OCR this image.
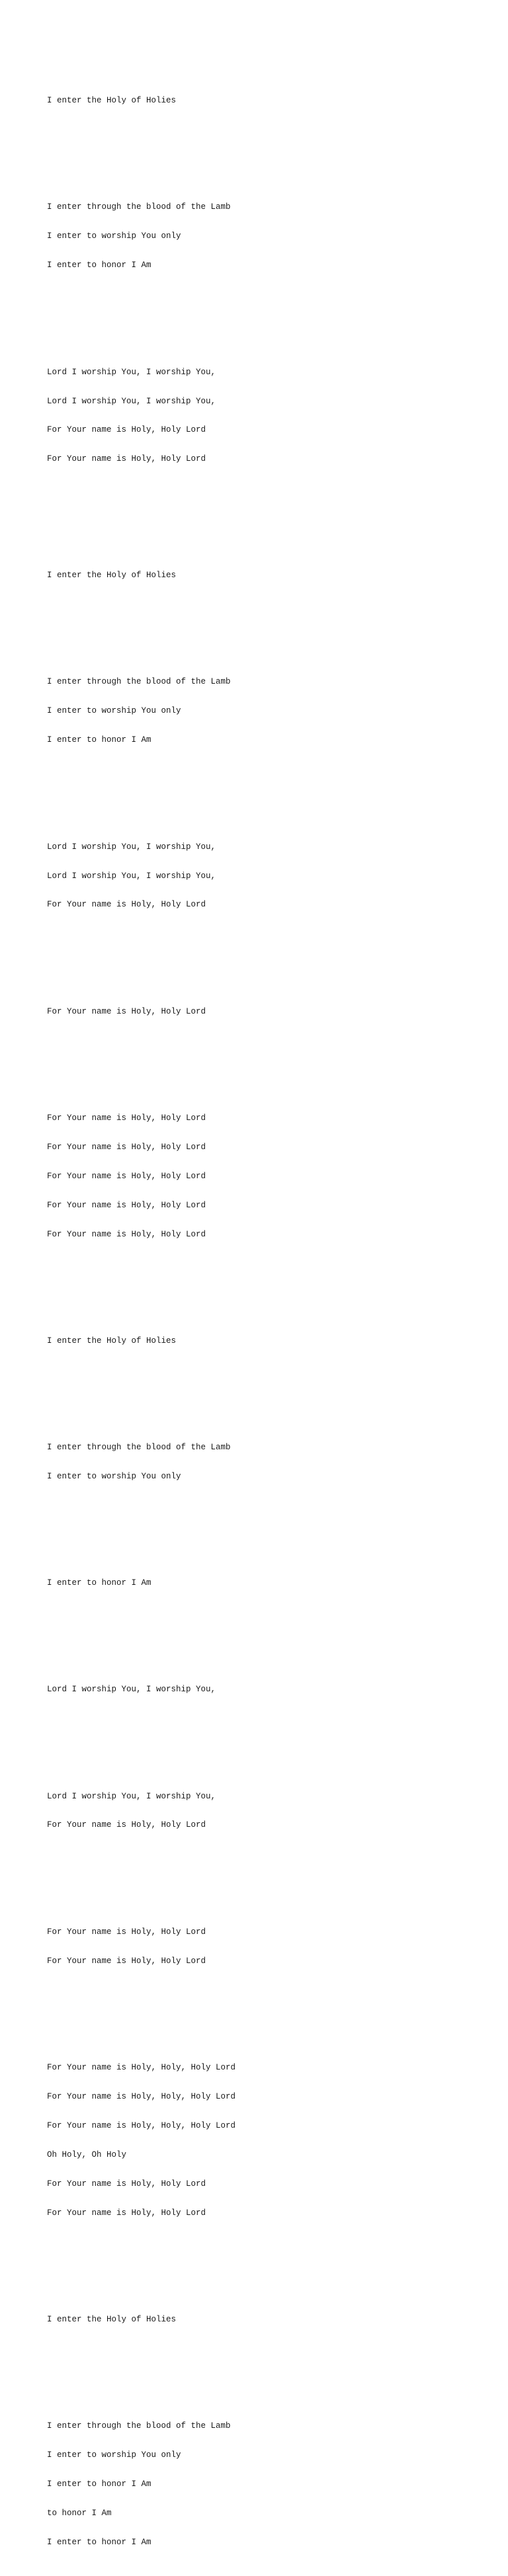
I enter the Holy of Holies

I enter through the blood of the Lamb

I enter to worship You only

I enter to honor I Am

Lord I worship You, I worship You,

Lord I worship You, I worship You,

For Your name is Holy, Holy Lord

For Your name is Holy, Holy Lord

I enter the Holy of Holies

I enter through the blood of the Lamb

I enter to worship You only

I enter to honor I Am

Lord I worship You, I worship You,

Lord I worship You, I worship You,

For Your name is Holy, Holy Lord

For Your name is Holy, Holy Lord

For Your name is Holy, Holy Lord

For Your name is Holy, Holy Lord

For Your name is Holy, Holy Lord

For Your name is Holy, Holy Lord

For Your name is Holy, Holy Lord

I enter the Holy of Holies

I enter through the blood of the Lamb

I enter to worship You only

I enter to honor I Am

Lord I worship You, I worship You,

Lord I worship You, I worship You,

For Your name is Holy, Holy Lord

For Your name is Holy, Holy Lord

For Your name is Holy, Holy Lord

For Your name is Holy, Holy, Holy Lord

For Your name is Holy, Holy, Holy Lord

For Your name is Holy, Holy, Holy Lord

Oh Holy, Oh Holy

For Your name is Holy, Holy Lord

For Your name is Holy, Holy Lord

I enter the Holy of Holies

I enter through the blood of the Lamb

I enter to worship You only

I enter to honor I Am

to honor I Am

I enter to honor I Am
